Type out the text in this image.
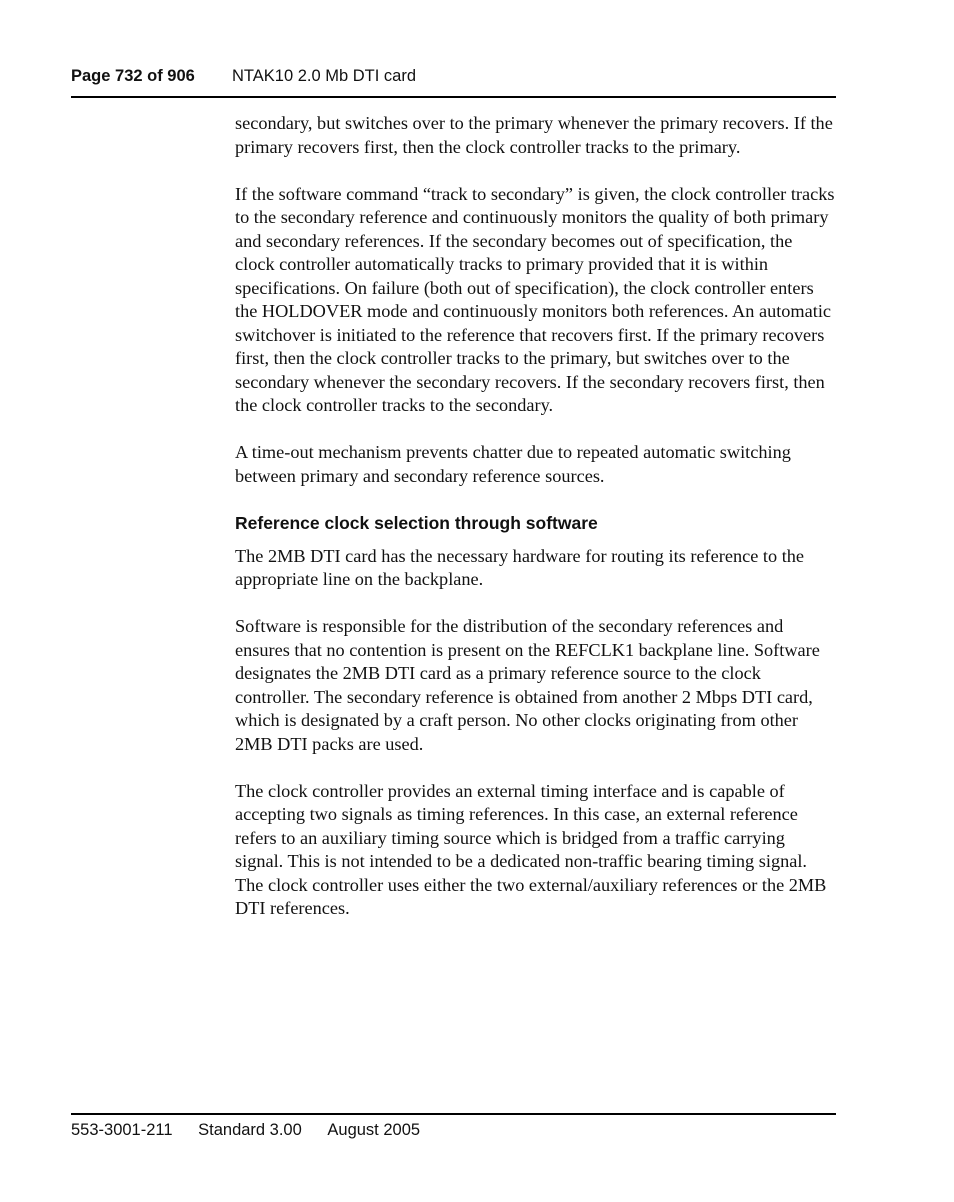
Page 732 of 906 NTAK10 2.0 Mb DTI card

secondary, but switches over to the primary whenever the primary recovers. If the primary recovers first, then the clock controller tracks to the primary.

If the software command “track to secondary” is given, the clock controller tracks to the secondary reference and continuously monitors the quality of both primary and secondary references. If the secondary becomes out of specification, the clock controller automatically tracks to primary provided that it is within specifications. On failure (both out of specification), the clock controller enters the HOLDOVER mode and continuously monitors both references. An automatic switchover is initiated to the reference that recovers first. If the primary recovers first, then the clock controller tracks to the primary, but switches over to the secondary whenever the secondary recovers. If the secondary recovers first, then the clock controller tracks to the secondary.

A time-out mechanism prevents chatter due to repeated automatic switching between primary and secondary reference sources.

Reference clock selection through software

The 2MB DTI card has the necessary hardware for routing its reference to the appropriate line on the backplane.

Software is responsible for the distribution of the secondary references and ensures that no contention is present on the REFCLK1 backplane line. Software designates the 2MB DTI card as a primary reference source to the clock controller. The secondary reference is obtained from another 2 Mbps DTI card, which is designated by a craft person. No other clocks originating from other 2MB DTI packs are used.

The clock controller provides an external timing interface and is capable of accepting two signals as timing references. In this case, an external reference refers to an auxiliary timing source which is bridged from a traffic carrying signal. This is not intended to be a dedicated non-traffic bearing timing signal. The clock controller uses either the two external/auxiliary references or the 2MB DTI references.

553-3001-211 Standard 3.00 August 2005
